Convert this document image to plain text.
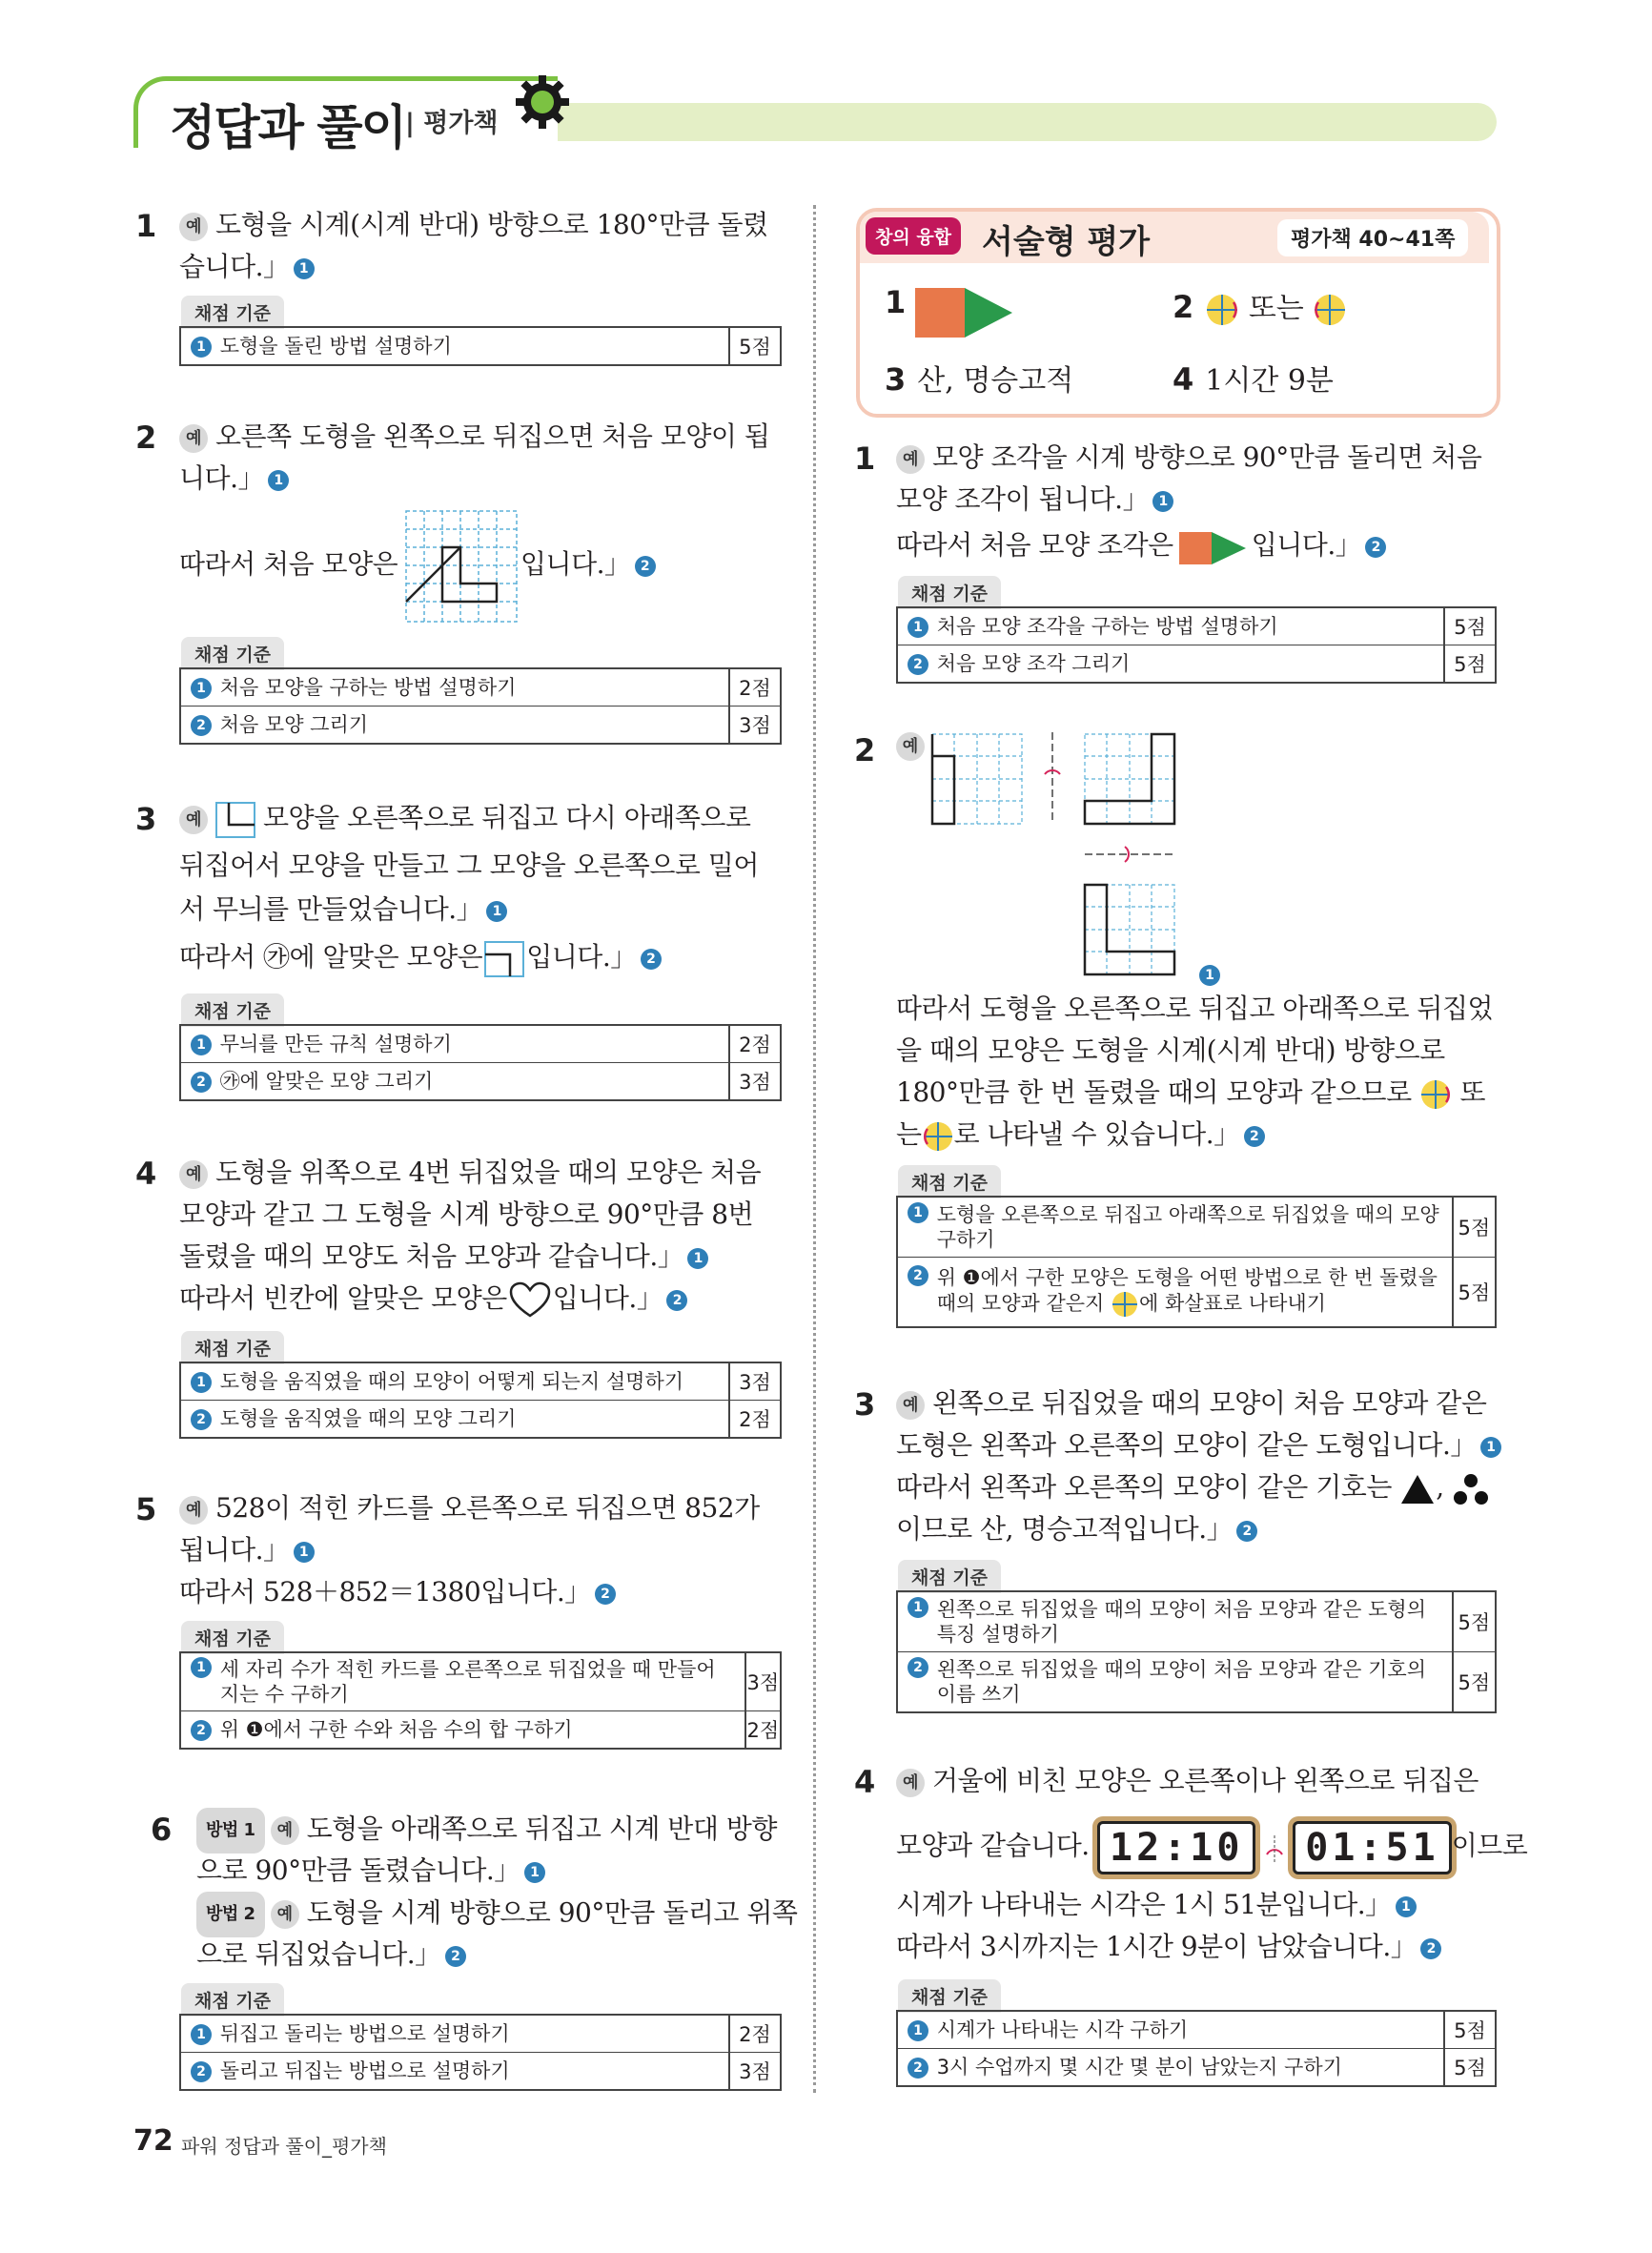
정답과 풀이 | 평가책
1	예 도형을 시계(시계 반대) 방향으로 180°만큼 돌렸
습니다.」 1
채점 기준
1 도형을 돌린 방법 설명하기	5점
2	예 오른쪽 도형을 왼쪽으로 뒤집으면 처음 모양이 됩
니다.」 1
따라서 처음 모양은	입니다.」 2
채점 기준
1 처음 모양을 구하는 방법 설명하기	2점
2 처음 모양 그리기	3점
3	예 모양을 오른쪽으로 뒤집고 다시 아래쪽으로
뒤집어서 모양을 만들고 그 모양을 오른쪽으로 밀어
서 무늬를 만들었습니다.」 1
따라서 ㉮에 알맞은 모양은 입니다.」 2
채점 기준
1 무늬를 만든 규칙 설명하기	2점
2 ㉮에 알맞은 모양 그리기	3점
4	예 도형을 위쪽으로 4번 뒤집었을 때의 모양은 처음
모양과 같고 그 도형을 시계 방향으로 90°만큼 8번
돌렸을 때의 모양도 처음 모양과 같습니다.」 1
따라서 빈칸에 알맞은 모양은 입니다.」 2
채점 기준
1 도형을 움직였을 때의 모양이 어떻게 되는지 설명하기	3점
2 도형을 움직였을 때의 모양 그리기	2점
5	예 528이 적힌 카드를 오른쪽으로 뒤집으면 852가
됩니다.」 1
따라서 528＋852＝1380입니다.」 2
채점 기준
1
세 자리 수가 적힌 카드를 오른쪽으로 뒤집었을 때 만들어지는 수 구하기	3점
2 위 ❶에서 구한 수와 처음 수의 합 구하기	2점
6	방법 1 예 도형을 아래쪽으로 뒤집고 시계 반대 방향
으로 90°만큼 돌렸습니다.」 1
방법 2 예 도형을 시계 방향으로 90°만큼 돌리고 위쪽
으로 뒤집었습니다.」 2
채점 기준
1 뒤집고 돌리는 방법으로 설명하기	2점
2 돌리고 뒤집는 방법으로 설명하기	3점
창의 융합 서술형 평가	평가책 40~41쪽
1	2 또는
3 산, 명승고적	4 1시간 9분
1	예 모양 조각을 시계 방향으로 90°만큼 돌리면 처음
모양 조각이 됩니다.」 1
따라서 처음 모양 조각은	입니다.」 2
채점 기준
1 처음 모양 조각을 구하는 방법 설명하기	5점
2 처음 모양 조각 그리기	5점
2	예
1
따라서 도형을 오른쪽으로 뒤집고 아래쪽으로 뒤집었
을 때의 모양은 도형을 시계(시계 반대) 방향으로
180°만큼 한 번 돌렸을 때의 모양과 같으므로 또
는 로 나타낼 수 있습니다.」 2
채점 기준
1
도형을 오른쪽으로 뒤집고 아래쪽으로 뒤집었을 때의 모양 구하기	5점

2
위 ❶에서 구한 모양은 도형을 어떤 방법으로 한 번 돌렸을 때의 모양과 같은지 에 화살표로 나타내기	5점
3	예 왼쪽으로 뒤집었을 때의 모양이 처음 모양과 같은
도형은 왼쪽과 오른쪽의 모양이 같은 도형입니다.」 1
따라서 왼쪽과 오른쪽의 모양이 같은 기호는 ,
이므로 산, 명승고적입니다.」 2
채점 기준
1
왼쪽으로 뒤집었을 때의 모양이 처음 모양과 같은 도형의 특징 설명하기	5점

2
왼쪽으로 뒤집었을 때의 모양이 처음 모양과 같은 기호의 이름 쓰기	5점
4	예 거울에 비친 모양은 오른쪽이나 왼쪽으로 뒤집은
모양과 같습니다. 12:10 01:51 이므로
시계가 나타내는 시각은 1시 51분입니다.」 1
따라서 3시까지는 1시간 9분이 남았습니다.」 2
채점 기준
1 시계가 나타내는 시각 구하기	5점
2 3시 수업까지 몇 시간 몇 분이 남았는지 구하기	5점
72 파워 정답과 풀이_평가책
